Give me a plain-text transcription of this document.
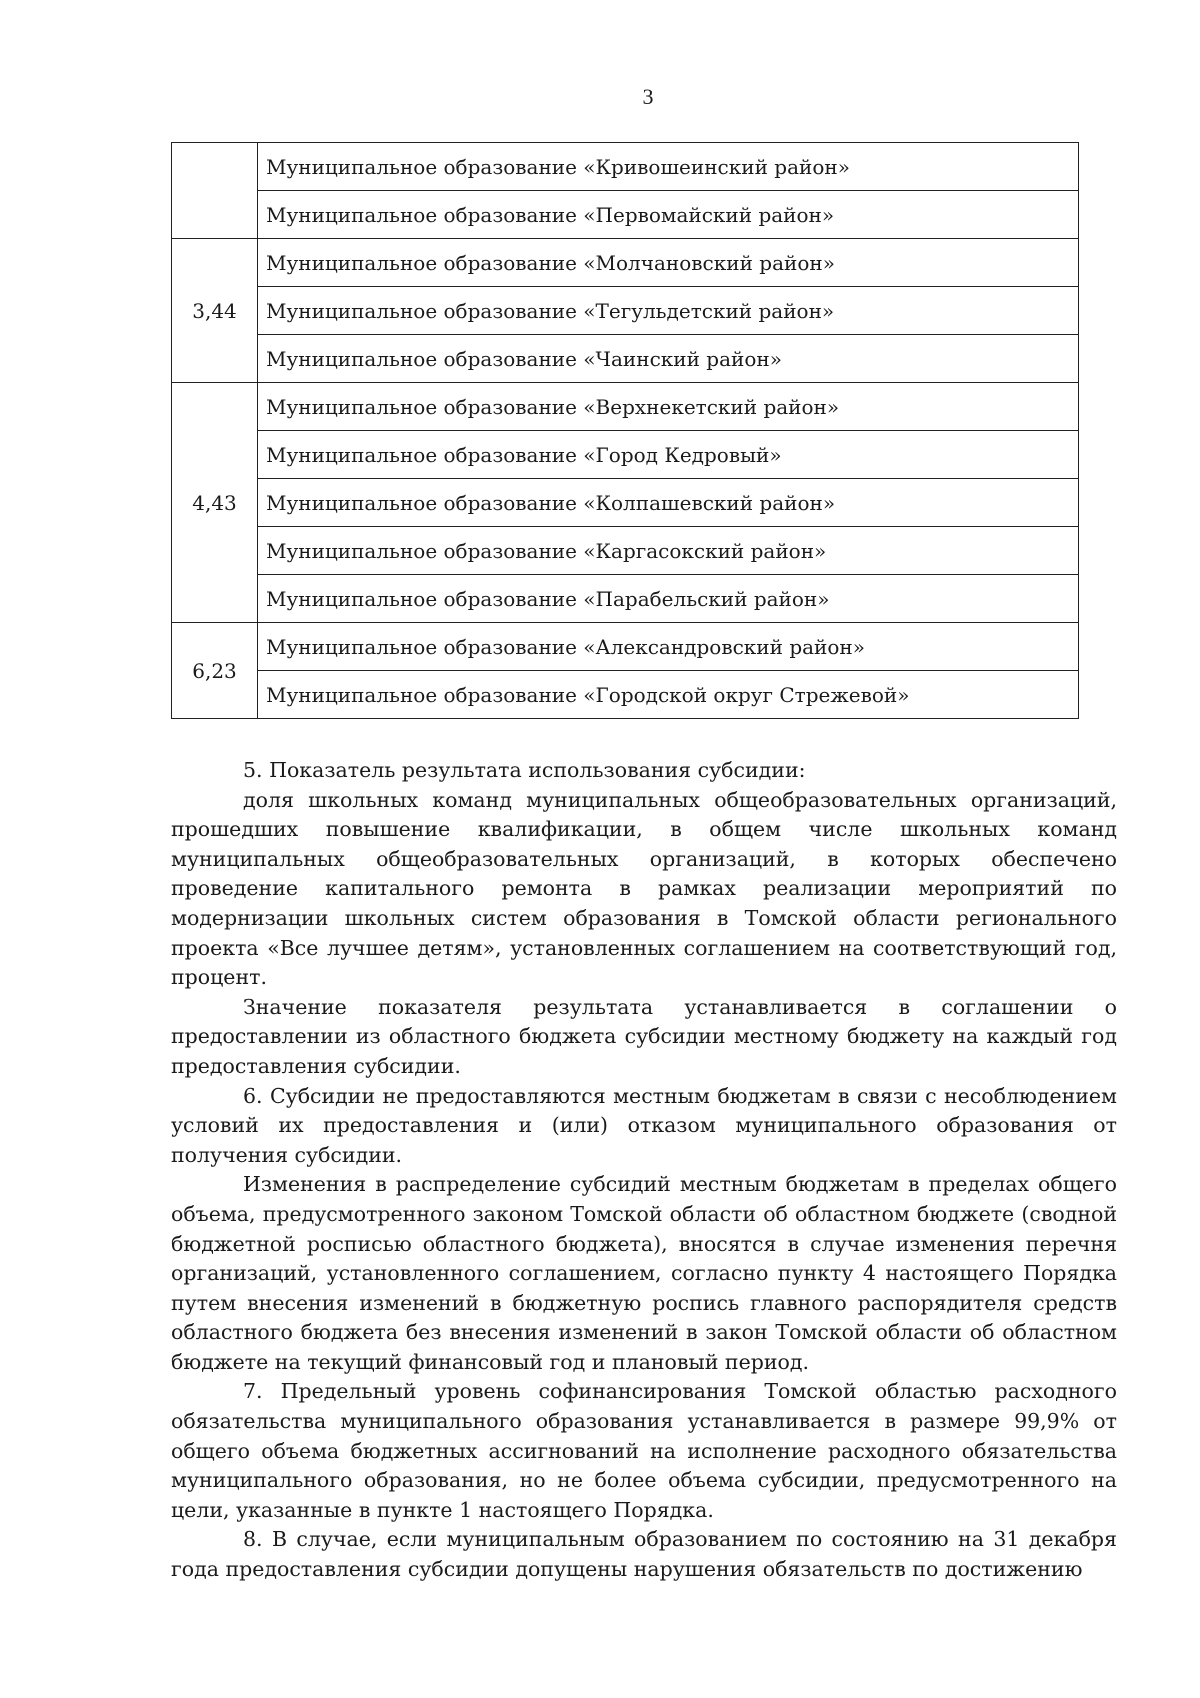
3
	Муниципальное образование «Кривошеинский район»
	Муниципальное образование «Первомайский район»
3,44	Муниципальное образование «Молчановский район»
	Муниципальное образование «Тегульдетский район»
	Муниципальное образование «Чаинский район»
4,43	Муниципальное образование «Верхнекетский район»
	Муниципальное образование «Город Кедровый»
	Муниципальное образование «Колпашевский район»
	Муниципальное образование «Каргасокский район»
	Муниципальное образование «Парабельский район»
6,23	Муниципальное образование «Александровский район»
	Муниципальное образование «Городской округ Стрежевой»

5. Показатель результата использования субсидии:

доля школьных команд муниципальных общеобразовательных организаций, прошедших повышение квалификации, в общем числе школьных команд муниципальных общеобразовательных организаций, в которых обеспечено проведение капитального ремонта в рамках реализации мероприятий по модернизации школьных систем образования в Томской области регионального проекта «Все лучшее детям», установленных соглашением на соответствующий год, процент.

Значение показателя результата устанавливается в соглашении о предоставлении из областного бюджета субсидии местному бюджету на каждый год предоставления субсидии.

6. Субсидии не предоставляются местным бюджетам в связи с несоблюдением условий их предоставления и (или) отказом муниципального образования от получения субсидии.

Изменения в распределение субсидий местным бюджетам в пределах общего объема, предусмотренного законом Томской области об областном бюджете (сводной бюджетной росписью областного бюджета), вносятся в случае изменения перечня организаций, установленного соглашением, согласно пункту 4 настоящего Порядка путем внесения изменений в бюджетную роспись главного распорядителя средств областного бюджета без внесения изменений в закон Томской области об областном бюджете на текущий финансовый год и плановый период.

7. Предельный уровень софинансирования Томской областью расходного обязательства муниципального образования устанавливается в размере 99,9% от общего объема бюджетных ассигнований на исполнение расходного обязательства муниципального образования, но не более объема субсидии, предусмотренного на цели, указанные в пункте 1 настоящего Порядка.

8. В случае, если муниципальным образованием по состоянию на 31 декабря года предоставления субсидии допущены нарушения обязательств по достижению
